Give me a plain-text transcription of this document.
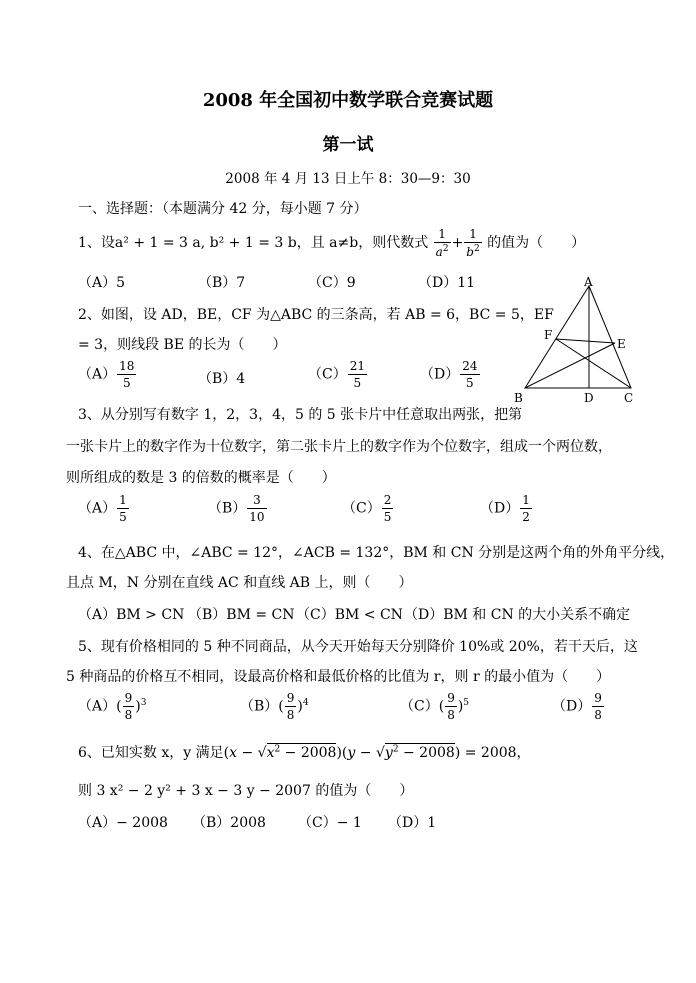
2008 年全国初中数学联合竞赛试题
第一试
2008 年 4 月 13 日上午 8：30—9：30
一、选择题：（本题满分 42 分，每小题 7 分）
1、设a² + 1 = 3 a, b² + 1 = 3 b，且 a≠b，则代数式 $\frac{1}{a^2} + \frac{1}{b^2}$ 的值为（　　）
（A）5	（B）7	（C）9	（D）11
2、如图，设 AD，BE，CF 为△ABC 的三条高，若 AB = 6，BC = 5，EF
= 3，则线段 BE 的长为（　　）
$(A) \frac{18}{5}$	（B）4	$(C) \frac{21}{5}$	$(D) \frac{24}{5}$
A
B	C
D
E
F
3、从分别写有数字 1，2，3，4，5 的 5 张卡片中任意取出两张，把第
一张卡片上的数字作为十位数字，第二张卡片上的数字作为个位数字，组成一个两位数，
则所组成的数是 3 的倍数的概率是（　　）
$(A) \frac{1}{5}$	$(B) \frac{3}{10}$	$(C) \frac{2}{5}$	$(D) \frac{1}{2}$
4、在△ABC 中，∠ABC = 12°，∠ACB = 132°，BM 和 CN 分别是这两个角的外角平分线，
且点 M，N 分别在直线 AC 和直线 AB 上，则（　　）
（A）BM > CN （B）BM = CN （C）BM < CN （D）BM 和 CN 的大小关系不确定
5、现有价格相同的 5 种不同商品，从今天开始每天分别降价 10%或 20%，若干天后，这
5 种商品的价格互不相同，设最高价格和最低价格的比值为 r，则 r 的最小值为（　　）
$(A)( \frac{9}{8} )^3$	$(B)( \frac{9}{8} )^4$	$(C)( \frac{9}{8} )^5$	$(D) \frac{9}{8}$
6、已知实数 x，y 满足$(x - √x^2 - 2008)(y - √y^2 - 2008) = 2008$，
则 3 x² − 2 y² + 3 x − 3 y − 2007 的值为（　　）
（A）− 2008 （B）2008 （C）− 1 （D）1
